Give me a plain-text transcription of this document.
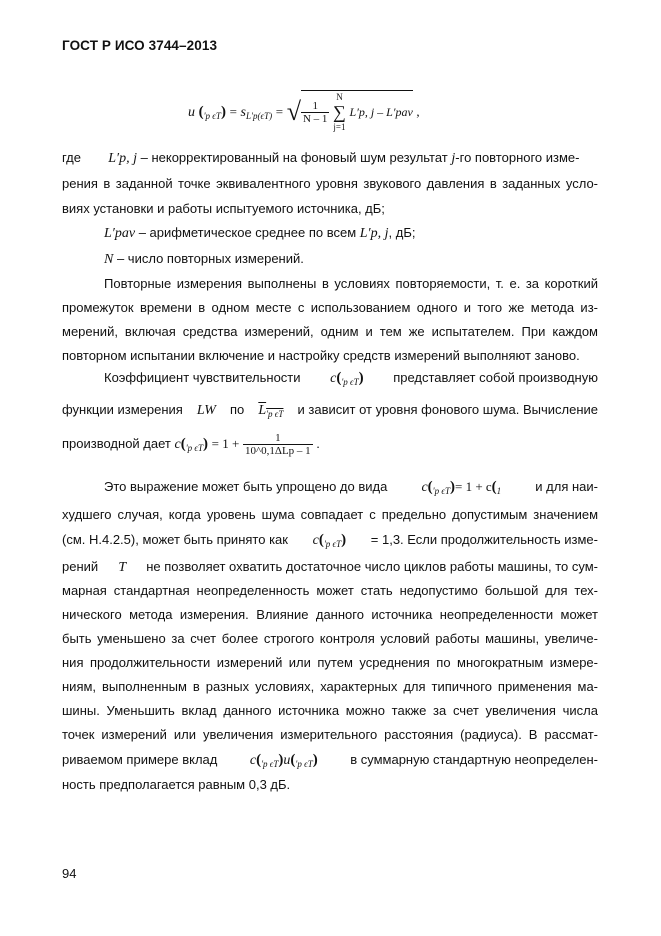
ГОСТ Р ИСО 3744–2013
u $(_{'p \epsilon T}) = s_{L'p(\epsilon T)}$ = √ $\frac{1}{N - 1}$

N
∑
j=1
L′p, j – L′pav ,
где L′p, j – некорректированный на фоновый шум результат j-го повторного изме-
рения в заданной точке эквивалентного уровня звукового давления в заданных усло-
виях установки и работы испытуемого источника, дБ;
L′pav – арифметическое среднее по всем L′p, j, дБ;
N – число повторных измерений.
Повторные измерения выполнены в условиях повторяемости, т. е. за короткий
промежуток времени в одном месте с использованием одного и того же метода из-
мерений, включая средства измерений, одним и тем же испытателем. При каждом
повторном испытании включение и настройку средств измерений выполняют заново.
Коэффициент чувствительности $c(_{'p \epsilon T})$ представляет собой производную
функции измерения LW по $L_{'p \epsilon T}$ и зависит от уровня фонового шума. Вычисление
производной дает $c(_{'p \epsilon T}) = 1 + \frac{1}{\text{10\textasciicircum{}0,1ΔLp – 1}}$ .
Это выражение может быть упрощено до вида $c(_{'p \epsilon T})= 1 + c(_1$	и для наи-
худшего случая, когда уровень шума совпадает с предельно допустимым значением
(см. Н.4.2.5), может быть принято как $c(_{'p \epsilon T}) = 1,3$. Если продолжительность изме-
рений T не позволяет охватить достаточное число циклов работы машины, то сум-
марная стандартная неопределенность может стать недопустимо большой для тех-
нического метода измерения. Влияние данного источника неопределенности может
быть уменьшено за счет более строгого контроля условий работы машины, увеличе-
ния продолжительности измерений или путем усреднения по многократным измере-
ниям, выполненным в разных условиях, характерных для типичного применения ма-
шины. Уменьшить вклад данного источника можно также за счет увеличения числа
точек измерений или увеличения измерительного расстояния (радиуса). В рассмат-
риваемом примере вклад $c(_{'p \epsilon T})u(_{'p \epsilon T})$	в суммарную стандартную неопределен-
ность предполагается равным 0,3 дБ.
94
